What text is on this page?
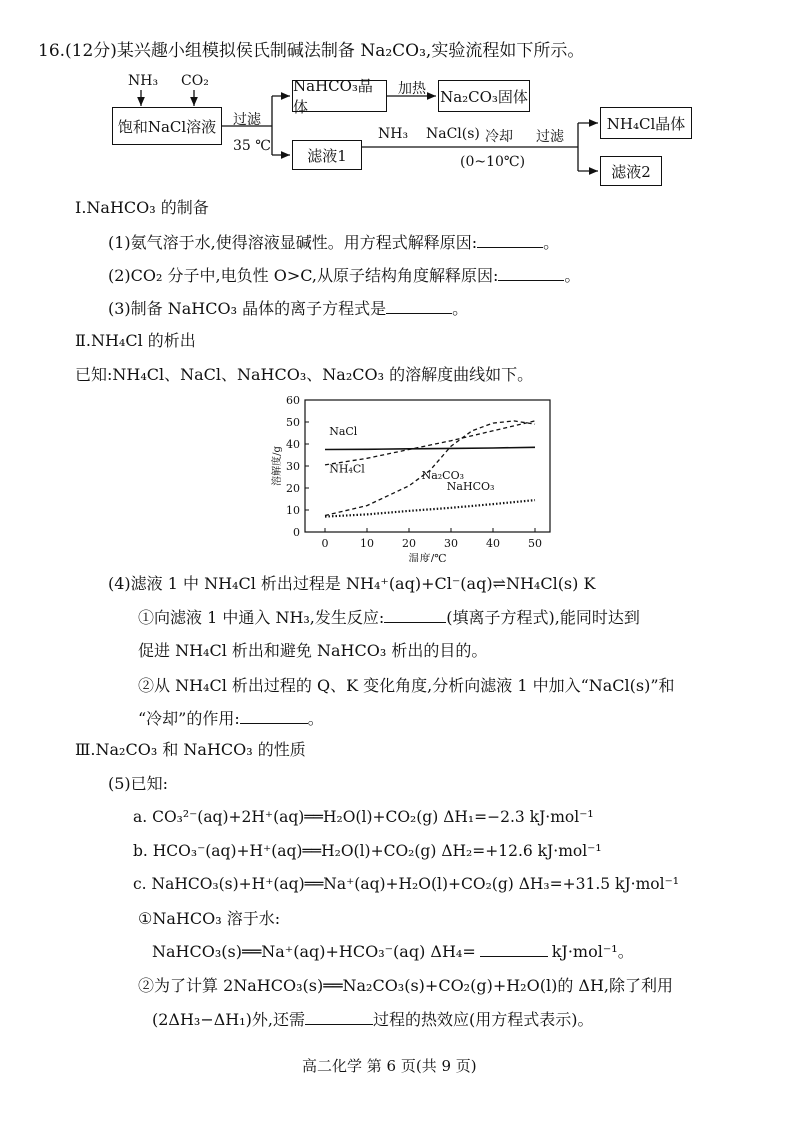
16.(12分)某兴趣小组模拟侯氏制碱法制备 Na₂CO₃,实验流程如下所示。
NH₃ CO₂
饱和NaCl溶液	过滤
35 ℃
NaHCO₃晶体
加热 Na₂CO₃固体
滤液1
NH₃ NaCl(s) 冷却
(0~10℃)
过滤
NH₄Cl晶体
滤液2
Ⅰ.NaHCO₃ 的制备
(1)氨气溶于水,使得溶液显碱性。用方程式解释原因:	。
(2)CO₂ 分子中,电负性 O>C,从原子结构角度解释原因:	。
(3)制备 NaHCO₃ 晶体的离子方程式是	。
Ⅱ.NH₄Cl 的析出
已知:NH₄Cl、NaCl、NaHCO₃、Na₂CO₃ 的溶解度曲线如下。
0
10
20
30
40
50
60
0	10	20	30	40	50
温度/℃
溶解度/g
NaCl
NH₄Cl
Na₂CO₃
NaHCO₃
(4)滤液 1 中 NH₄Cl 析出过程是 NH₄⁺(aq)+Cl⁻(aq)⇌NH₄Cl(s) K
①向滤液 1 中通入 NH₃,发生反应:	(填离子方程式),能同时达到
促进 NH₄Cl 析出和避免 NaHCO₃ 析出的目的。
②从 NH₄Cl 析出过程的 Q、K 变化角度,分析向滤液 1 中加入“NaCl(s)”和
“冷却”的作用:	。
Ⅲ.Na₂CO₃ 和 NaHCO₃ 的性质
(5)已知:
a. CO₃²⁻(aq)+2H⁺(aq)══H₂O(l)+CO₂(g) ΔH₁=−2.3 kJ·mol⁻¹
b. HCO₃⁻(aq)+H⁺(aq)══H₂O(l)+CO₂(g) ΔH₂=+12.6 kJ·mol⁻¹
c. NaHCO₃(s)+H⁺(aq)══Na⁺(aq)+H₂O(l)+CO₂(g) ΔH₃=+31.5 kJ·mol⁻¹
①NaHCO₃ 溶于水:
NaHCO₃(s)══Na⁺(aq)+HCO₃⁻(aq) ΔH₄=	kJ·mol⁻¹。
②为了计算 2NaHCO₃(s)══Na₂CO₃(s)+CO₂(g)+H₂O(l)的 ΔH,除了利用
(2ΔH₃−ΔH₁)外,还需	过程的热效应(用方程式表示)。
高二化学 第 6 页(共 9 页)
